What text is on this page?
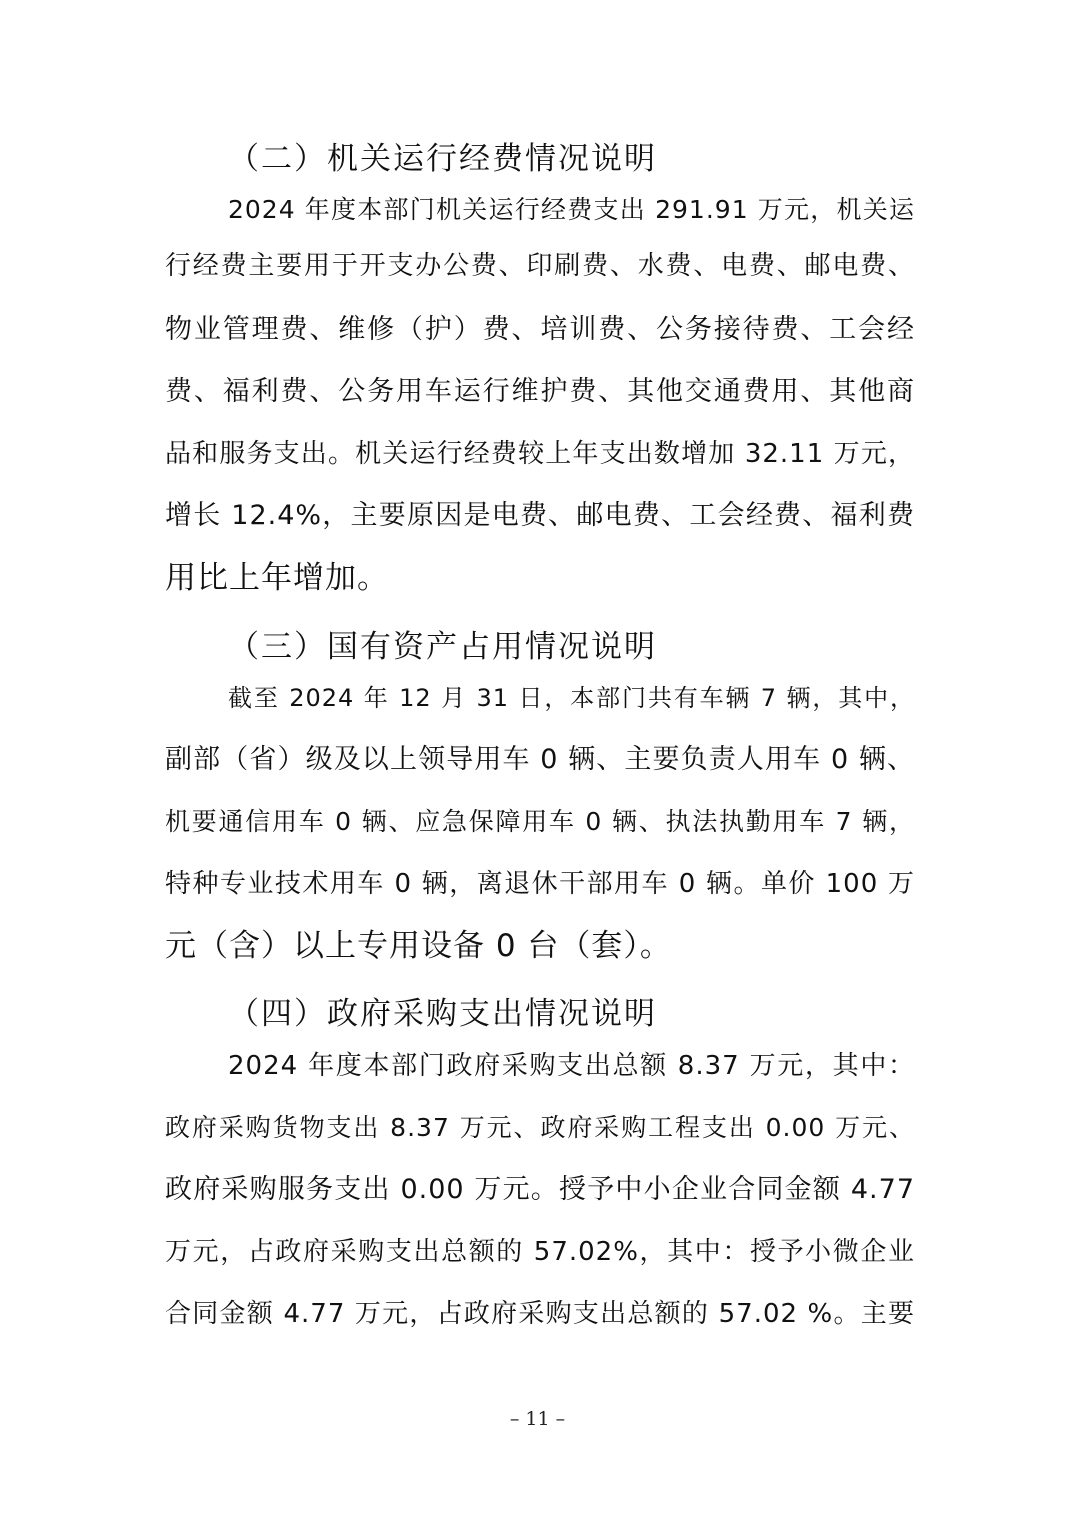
（二）机关运行经费情况说明
2024 年度本部门机关运行经费支出 291.91 万元，机关运
行经费主要用于开支办公费、印刷费、水费、电费、邮电费、
物业管理费、维修（护）费、培训费、公务接待费、工会经
费、福利费、公务用车运行维护费、其他交通费用、其他商
品和服务支出。机关运行经费较上年支出数增加 32.11 万元，
增长 12.4%，主要原因是电费、邮电费、工会经费、福利费
用比上年增加。
（三）国有资产占用情况说明
截至 2024 年 12 月 31 日，本部门共有车辆 7 辆，其中，
副部（省）级及以上领导用车 0 辆、主要负责人用车 0 辆、
机要通信用车 0 辆、应急保障用车 0 辆、执法执勤用车 7 辆，
特种专业技术用车 0 辆，离退休干部用车 0 辆。单价 100 万
元（含）以上专用设备 0 台（套）。
（四）政府采购支出情况说明
2024 年度本部门政府采购支出总额 8.37 万元，其中：
政府采购货物支出 8.37 万元、政府采购工程支出 0.00 万元、
政府采购服务支出 0.00 万元。授予中小企业合同金额 4.77
万元，占政府采购支出总额的 57.02%，其中：授予小微企业
合同金额 4.77 万元，占政府采购支出总额的 57.02 %。主要
– 11 –
